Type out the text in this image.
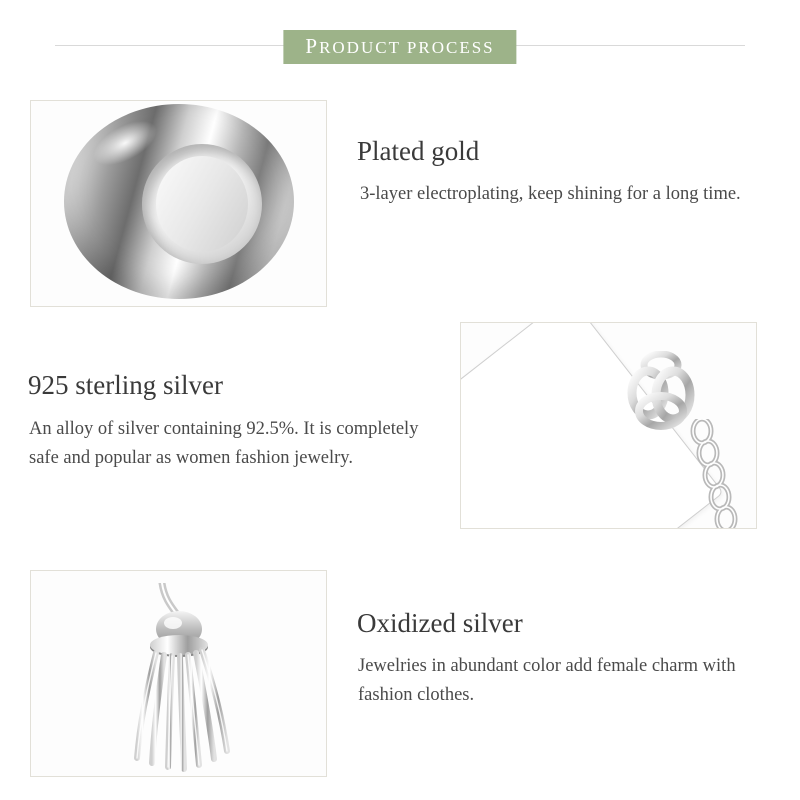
PRODUCT PROCESS
Plated gold
3-layer electroplating, keep shining for a long time.
925 sterling silver
An alloy of silver containing 92.5%. It is completely safe and popular as women fashion jewelry.
Oxidized silver
Jewelries in abundant color add female charm with fashion clothes.
